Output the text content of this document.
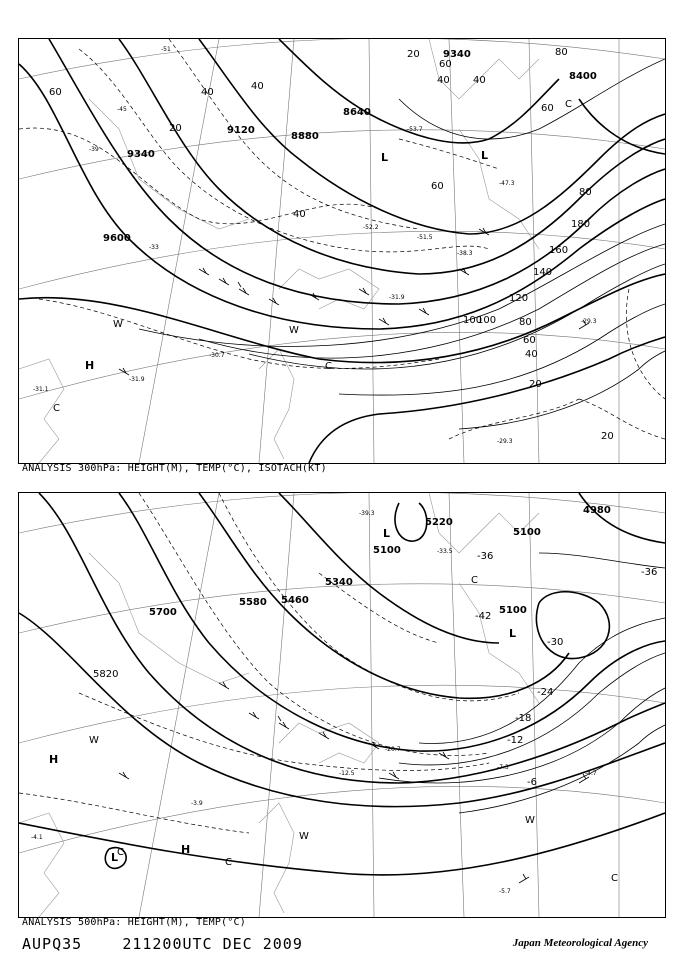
9600
9340
9120
8880
8640
9340
8400
60	40
20
40
60
80
100
120
140
160
180
100	80
60
40
20
20
20
60
40 40
60
80
40
-45
-39
-33
-51
-53.7
-51.5
-52.2
-38.3
-29.3
-31.9
-30.7
-29.3
-31.1
-31.9
-47.3
L
L
H
W
W
C
C
C
ANALYSIS 300hPa: HEIGHT(M), TEMP(°C), ISOTACH(KT)
5700
5580 5460
5340
5220
5100
5100
5100
4980
5820
-36
-36
-30
-24
-18
-12
-6
-42
-33.5
-39.3
-7.3
-4.7
-5.7
-4.1
-3.9
-12.5
-20.7
L
L
L
H
H
W
W
W
C
C
C
C
ANALYSIS 500hPa: HEIGHT(M), TEMP(°C)
AUPQ35	211200UTC DEC 2009	Japan Meteorological Agency
